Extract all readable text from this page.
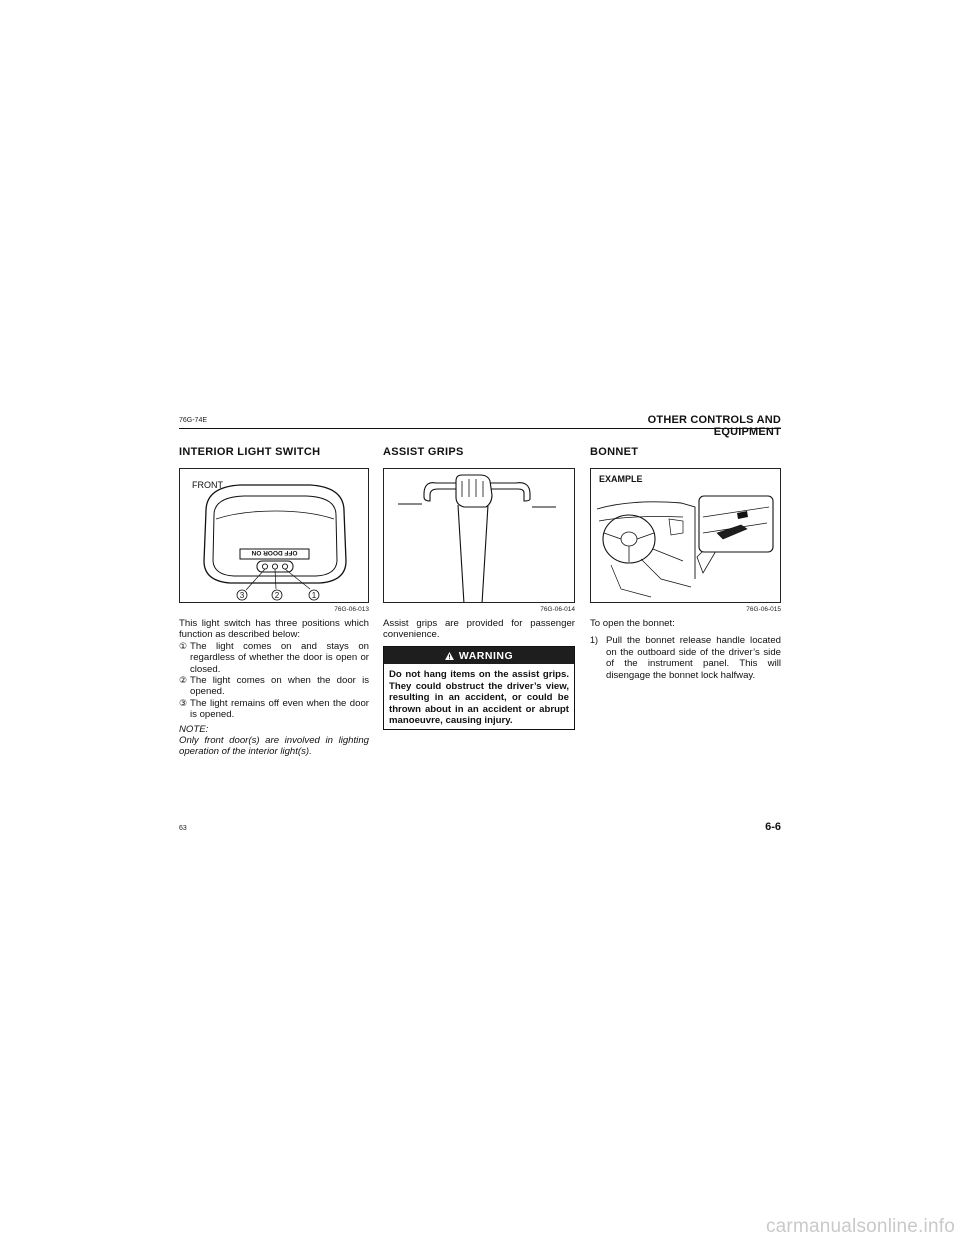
76G-74E	OTHER CONTROLS AND EQUIPMENT
INTERIOR LIGHT SWITCH
FRONT
OFF DOOR ON
3	2	1
76G-06-013
This light switch has three positions which function as described below:
① The light comes on and stays on regardless of whether the door is open or closed.
② The light comes on when the door is opened.
③ The light remains off even when the door is opened.
NOTE:
Only front door(s) are involved in lighting operation of the interior light(s).
ASSIST GRIPS
76G-06-014
Assist grips are provided for passenger convenience.
WARNING
Do not hang items on the assist grips. They could obstruct the driver’s view, resulting in an accident, or could be thrown about in an accident or abrupt manoeuvre, causing injury.
BONNET
EXAMPLE
76G-06-015
To open the bonnet:
1) Pull the bonnet release handle located on the outboard side of the driver’s side of the instrument panel. This will disengage the bonnet lock halfway.
63	6-6
carmanualsonline.info
